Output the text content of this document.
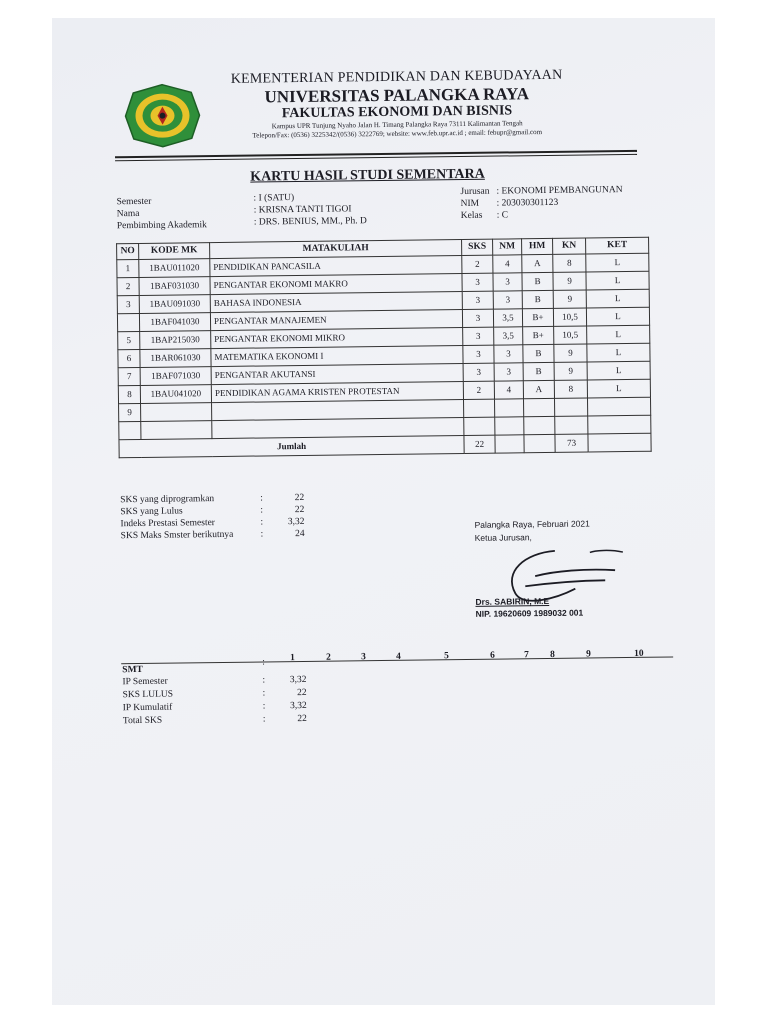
KEMENTERIAN PENDIDIKAN DAN KEBUDAYAAN
UNIVERSITAS PALANGKA RAYA
FAKULTAS EKONOMI DAN BISNIS
Kampus UPR Tunjung Nyaho Jalan H. Timang Palangka Raya 73111 Kalimantan Tengah
Telepon/Fax: (0536) 3225342/(0536) 3222769; website: www.feb.upr.ac.id ; email: febupr@gmail.com
KARTU HASIL STUDI SEMENTARA
Semester	: I (SATU)
Nama	: KRISNA TANTI TIGOI
Pembimbing Akademik	: DRS. BENIUS, MM., Ph. D
Jurusan : EKONOMI PEMBANGUNAN
NIM : 203030301123
Kelas : C
NO	KODE MK	MATAKULIAH	SKS	NM	HM	KN	KET
1	1BAU011020	PENDIDIKAN PANCASILA	2	4	A	8	L
2	1BAF031030	PENGANTAR EKONOMI MAKRO	3	3	B	9	L
3	1BAU091030	BAHASA INDONESIA	3	3	B	9	L
	1BAF041030	PENGANTAR MANAJEMEN	3	3,5	B+	10,5	L
5	1BAP215030	PENGANTAR EKONOMI MIKRO	3	3,5	B+	10,5	L
6	1BAR061030	MATEMATIKA EKONOMI I	3	3	B	9	L
7	1BAF071030	PENGANTAR AKUTANSI	3	3	B	9	L
8	1BAU041020	PENDIDIKAN AGAMA KRISTEN PROTESTAN	2	4	A	8	L
9							

Jumlah			22			73	
SKS yang diprogramkan	:	22
SKS yang Lulus	:	22
Indeks Prestasi Semester	:	3,32
SKS Maks Smster berikutnya	:	24
Palangka Raya, Februari 2021
Ketua Jurusan,
Drs. SABIRIN, M.E
NIP. 19620609 1989032 001
SMT
:	1	2	3	4	5	6	7 8	9	10
IP Semester	:	3,32
SKS LULUS	:	22
IP Kumulatif	:	3,32
Total SKS	:	22
